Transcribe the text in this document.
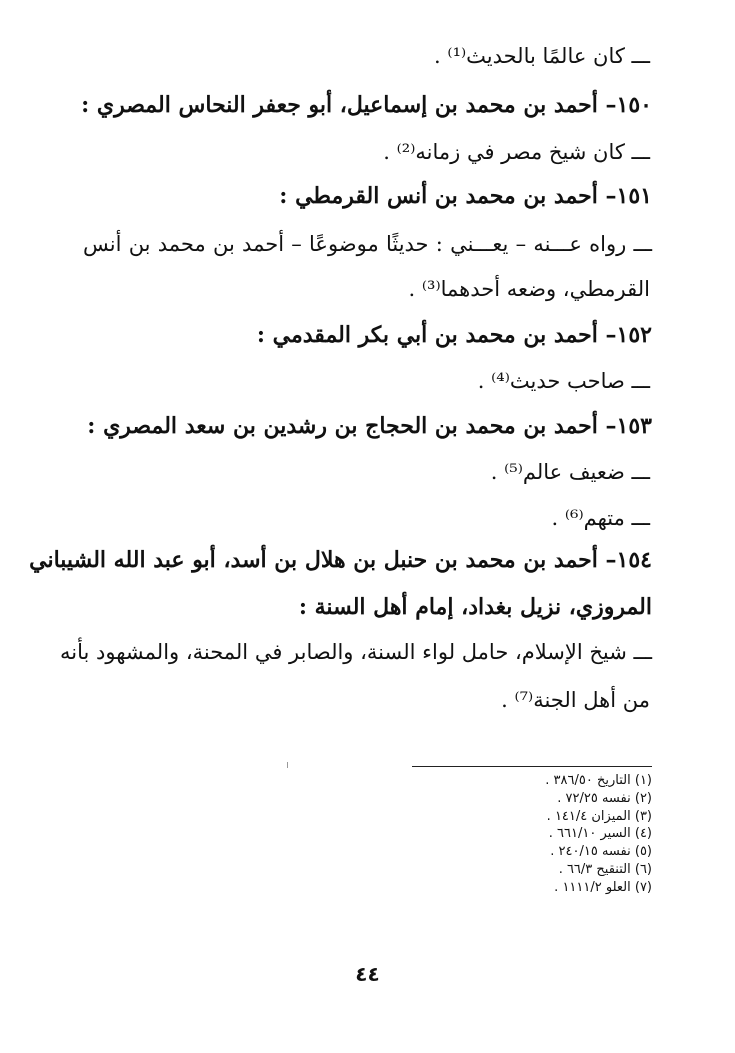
ـــ كان عالمًا بالحديث⁽¹⁾ .
١٥٠– أحمد بن محمد بن إسماعيل، أبو جعفر النحاس المصري :
ـــ كان شيخ مصر في زمانه⁽²⁾ .
١٥١– أحمد بن محمد بن أنس القرمطي :
ـــ رواه عـــنه – يعـــني : حديثًا موضوعًا – أحمد بن محمد بن أنس
القرمطي، وضعه أحدهما⁽³⁾ .
١٥٢– أحمد بن محمد بن أبي بكر المقدمي :
ـــ صاحب حديث⁽⁴⁾ .
١٥٣– أحمد بن محمد بن الحجاج بن رشدين بن سعد المصري :
ـــ ضعيف عالم⁽⁵⁾ .
ـــ متهم⁽⁶⁾ .
١٥٤– أحمد بن محمد بن حنبل بن هلال بن أسد، أبو عبد الله الشيباني
المروزي، نزيل بغداد، إمام أهل السنة :
ـــ شيخ الإسلام، حامل لواء السنة، والصابر في المحنة، والمشهود بأنه
من أهل الجنة⁽⁷⁾ .
(١) التاريخ ٣٨٦/٥٠ .
(٢) نفسه ٧٢/٢٥ .
(٣) الميزان ١٤١/٤ .
(٤) السير ٦٦١/١٠ .
(٥) نفسه ٢٤٠/١٥ .
(٦) التنقيح ٦٦/٣ .
(٧) العلو ١١١١/٢ .
٤٤
